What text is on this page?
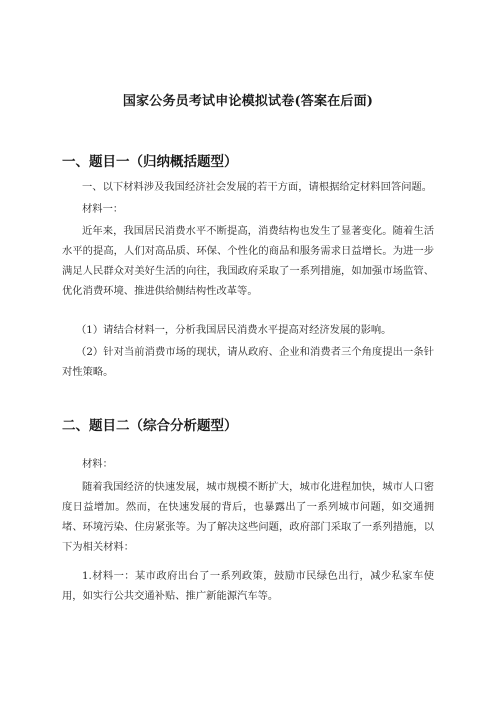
国家公务员考试申论模拟试卷(答案在后面)
一、题目一（归纳概括题型）
一、以下材料涉及我国经济社会发展的若干方面，请根据给定材料回答问题。
材料一：
近年来，我国居民消费水平不断提高，消费结构也发生了显著变化。随着生活水平的提高，人们对高品质、环保、个性化的商品和服务需求日益增长。为进一步满足人民群众对美好生活的向往，我国政府采取了一系列措施，如加强市场监管、优化消费环境、推进供给侧结构性改革等。
（1）请结合材料一，分析我国居民消费水平提高对经济发展的影响。
（2）针对当前消费市场的现状，请从政府、企业和消费者三个角度提出一条针对性策略。
二、题目二（综合分析题型）
材料：
随着我国经济的快速发展，城市规模不断扩大，城市化进程加快，城市人口密度日益增加。然而，在快速发展的背后，也暴露出了一系列城市问题，如交通拥堵、环境污染、住房紧张等。为了解决这些问题，政府部门采取了一系列措施，以下为相关材料：
1.材料一：某市政府出台了一系列政策，鼓励市民绿色出行，减少私家车使用，如实行公共交通补贴、推广新能源汽车等。
